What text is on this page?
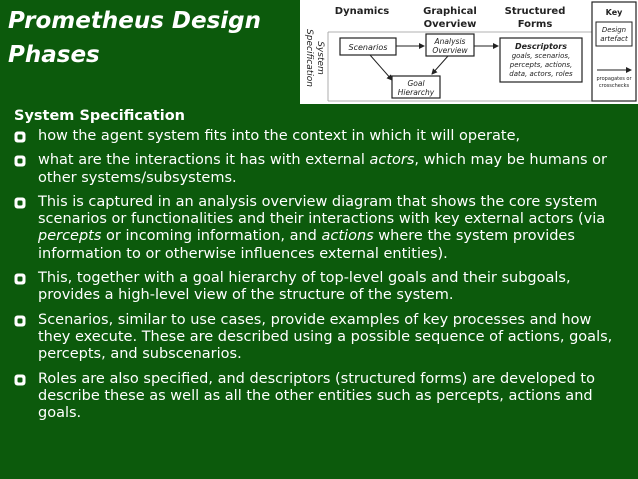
Prometheus Design
Phases
Dynamics	Graphical
Overview
Structured
Forms
System
Specification	Scenarios
Analysis
Overview	Descriptors
goals, scenarios,
percepts, actions,
data, actors, roles
Goal
Hierarchy
Key
Design
artefact
propagates or
crosschecks
System Specification
how the agent system fits into the context in which it will operate,
what are the interactions it has with external actors, which may be humans or other systems/subsystems.
This is captured in an analysis overview diagram that shows the core system scenarios or functionalities and their interactions with key external actors (via percepts or incoming information, and actions where the system provides information to or otherwise influences external entities).
This, together with a goal hierarchy of top-level goals and their subgoals, provides a high-level view of the structure of the system.
Scenarios, similar to use cases, provide examples of key processes and how they execute. These are described using a possible sequence of actions, goals, percepts, and subscenarios.
Roles are also specified, and descriptors (structured forms) are developed to describe these as well as all the other entities such as percepts, actions and goals.
